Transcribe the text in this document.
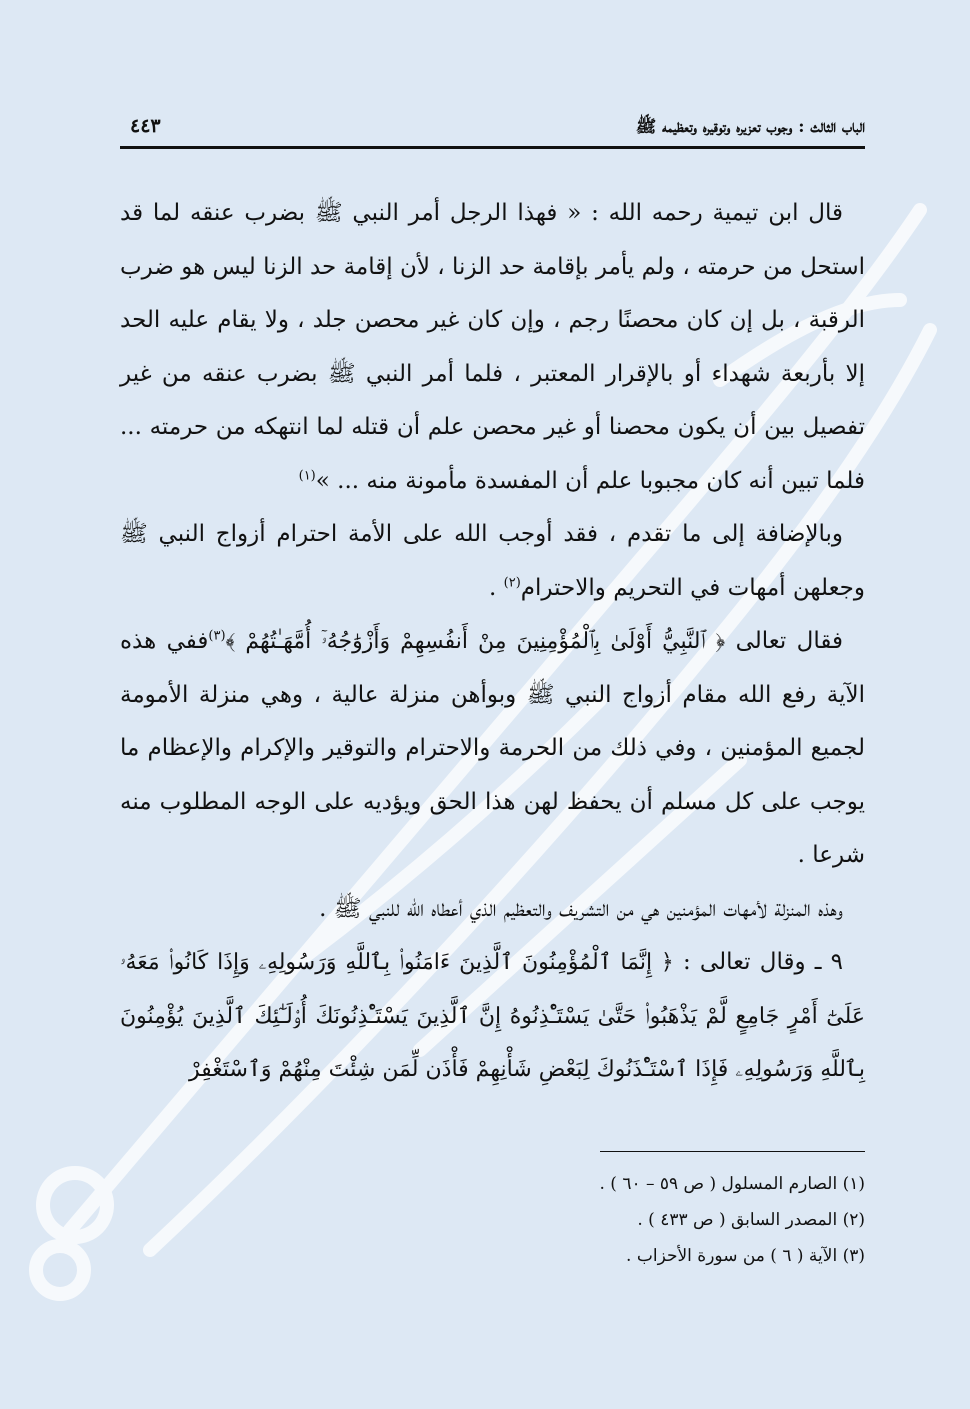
الباب الثالث : وجوب تعزيره وتوقيره وتعظيمه ﷺ
٤٤٣

قال ابن تيمية رحمه الله : « فهذا الرجل أمر النبي ﷺ بضرب عنقه لما قد استحل من حرمته ، ولم يأمر بإقامة حد الزنا ، لأن إقامة حد الزنا ليس هو ضرب الرقبة ، بل إن كان محصنًا رجم ، وإن كان غير محصن جلد ، ولا يقام عليه الحد إلا بأربعة شهداء أو بالإقرار المعتبر ، فلما أمر النبي ﷺ بضرب عنقه من غير تفصيل بين أن يكون محصنا أو غير محصن علم أن قتله لما انتهكه من حرمته ... فلما تبين أنه كان مجبوبا علم أن المفسدة مأمونة منه ... »$^{(١)}$

وبالإضافة إلى ما تقدم ، فقد أوجب الله على الأمة احترام أزواج النبي ﷺ وجعلهن أمهات في التحريم والاحترام$^{(٢)}$ .

فقال تعالى ﴿ ٱلنَّبِيُّ أَوْلَىٰ بِٱلْمُؤْمِنِينَ مِنْ أَنفُسِهِمْ وَأَزْوَٰجُهُۥٓ أُمَّهَـٰتُهُمْ ﴾$^{(٣)}$ففي هذه الآية رفع الله مقام أزواج النبي ﷺ وبوأهن منزلة عالية ، وهي منزلة الأمومة لجميع المؤمنين ، وفي ذلك من الحرمة والاحترام والتوقير والإكرام والإعظام ما يوجب على كل مسلم أن يحفظ لهن هذا الحق ويؤديه على الوجه المطلوب منه شرعا .

وهذه المنزلة لأمهات المؤمنين هي من التشريف والتعظيم الذي أعطاه الله للنبي ﷺ .

٩ ـ وقال تعالى : ﴿ إِنَّمَا ٱلْمُؤْمِنُونَ ٱلَّذِينَ ءَامَنُوا۟ بِٱللَّهِ وَرَسُولِهِۦ وَإِذَا كَانُوا۟ مَعَهُۥ عَلَىٰٓ أَمْرٍ جَامِعٍ لَّمْ يَذْهَبُوا۟ حَتَّىٰ يَسْتَـْٔذِنُوهُ إِنَّ ٱلَّذِينَ يَسْتَـْٔذِنُونَكَ أُو۟لَـٰٓئِكَ ٱلَّذِينَ يُؤْمِنُونَ بِٱللَّهِ وَرَسُولِهِۦ فَإِذَا ٱسْتَـْٔذَنُوكَ لِبَعْضِ شَأْنِهِمْ فَأْذَن لِّمَن شِئْتَ مِنْهُمْ وَٱسْتَغْفِرْ

(١) الصارم المسلول ( ص ٥٩ – ٦٠ ) .

(٢) المصدر السابق ( ص ٤٣٣ ) .

(٣) الآية ( ٦ ) من سورة الأحزاب .
